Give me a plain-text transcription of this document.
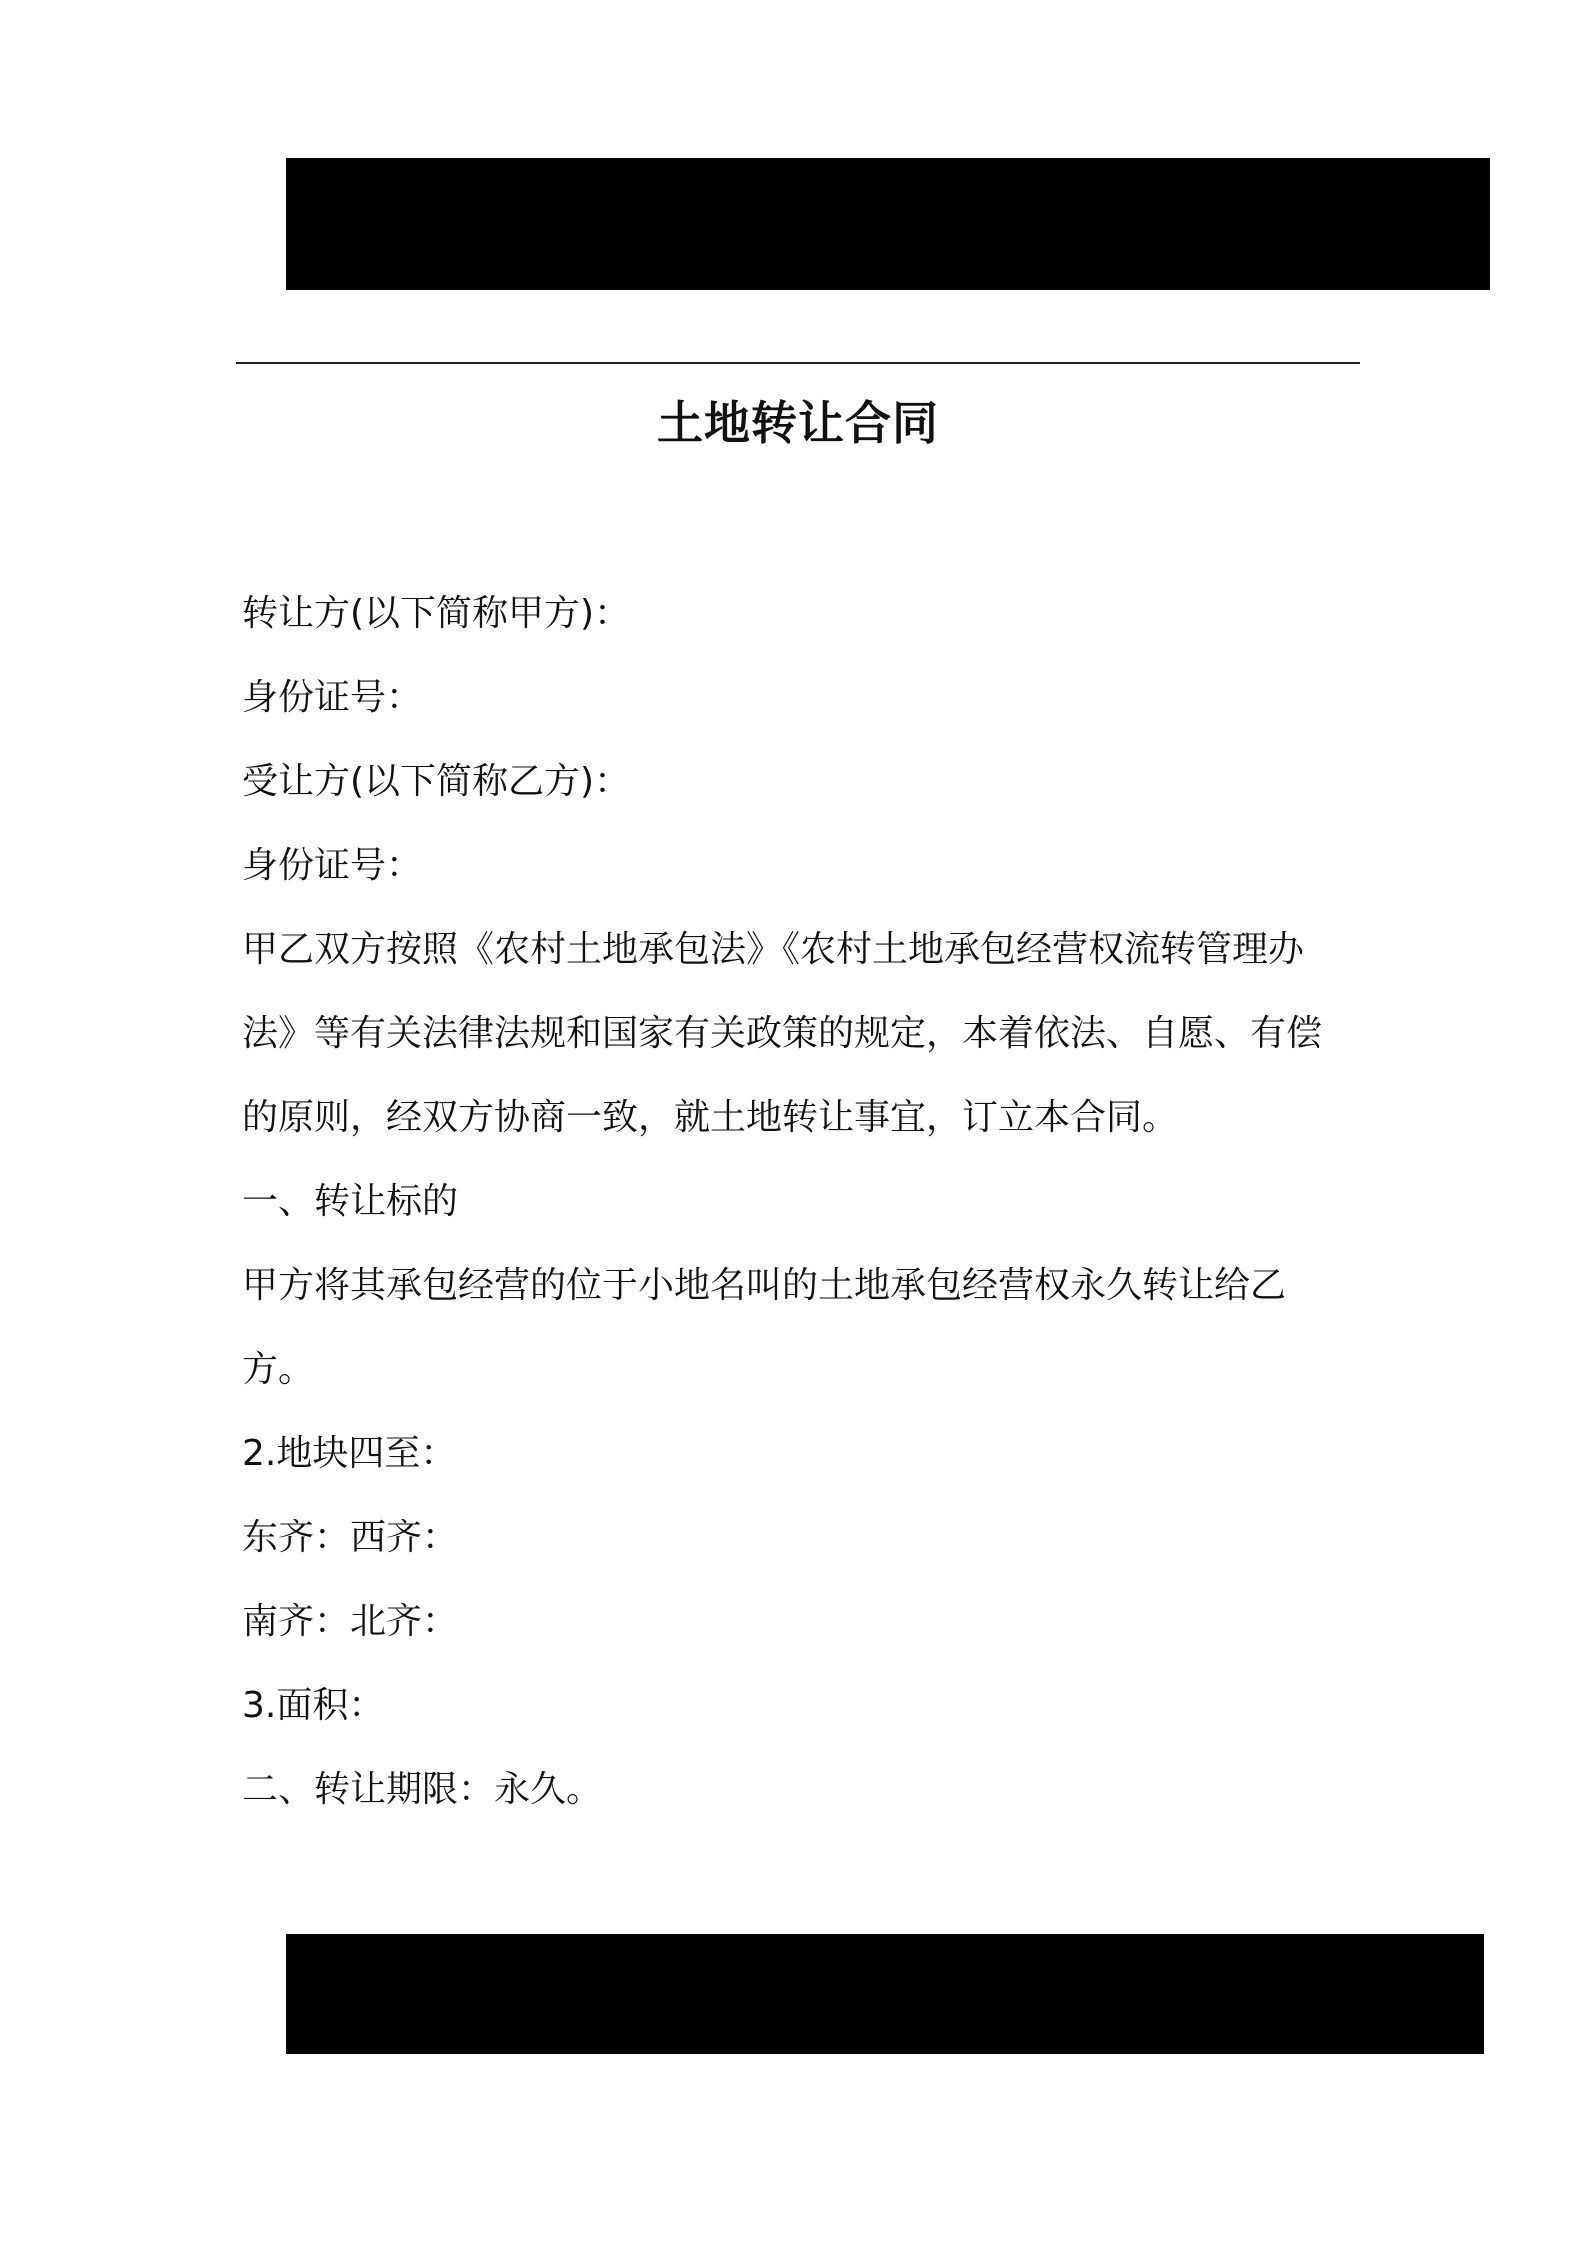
土地转让合同

转让方(以下简称甲方)：

身份证号：

受让方(以下简称乙方)：

身份证号：

甲乙双方按照《农村土地承包法》《农村土地承包经营权流转管理办

法》等有关法律法规和国家有关政策的规定，本着依法、自愿、有偿

的原则，经双方协商一致，就土地转让事宜，订立本合同。

一、转让标的

甲方将其承包经营的位于小地名叫的土地承包经营权永久转让给乙

方。

2.地块四至：

东齐：西齐：

南齐：北齐：

3.面积：

二、转让期限：永久。
